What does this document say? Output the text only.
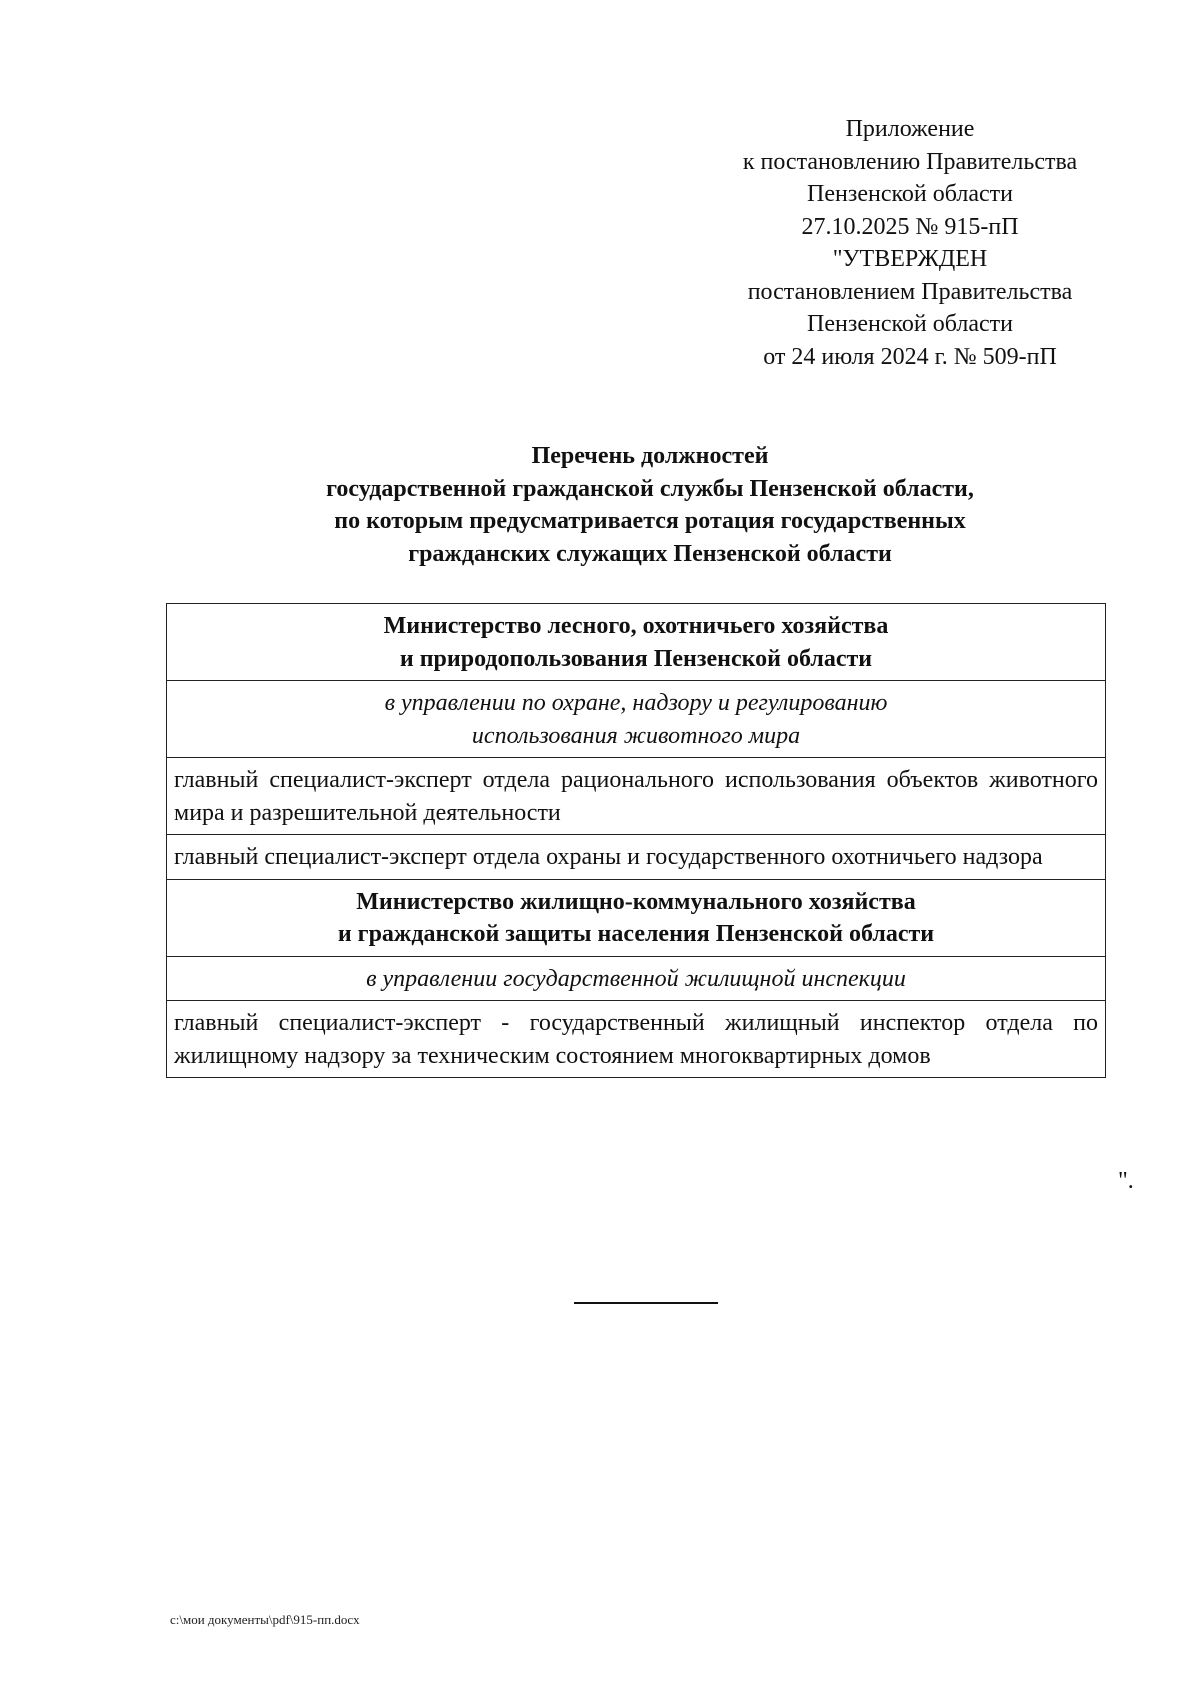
Приложение
к постановлению Правительства
Пензенской области
27.10.2025 № 915-пП
"УТВЕРЖДЕН
постановлением Правительства
Пензенской области
от 24 июля 2024 г. № 509-пП
Перечень должностей
государственной гражданской службы Пензенской области,
по которым предусматривается ротация государственных
гражданских служащих Пензенской области
Министерство лесного, охотничьего хозяйства
и природопользования Пензенской области

в управлении по охране, надзору и регулированию
использования животного мира

главный специалист-эксперт отдела рационального использования объектов животного мира и разрешительной деятельности
главный специалист-эксперт отдела охраны и государственного охотничьего надзора

Министерство жилищно-коммунального хозяйства
и гражданской защиты населения Пензенской области

в управлении государственной жилищной инспекции

главный специалист-эксперт - государственный жилищный инспектор отдела по жилищному надзору за техническим состоянием многоквартирных домов
".
c:\мои документы\pdf\915-пп.docx
